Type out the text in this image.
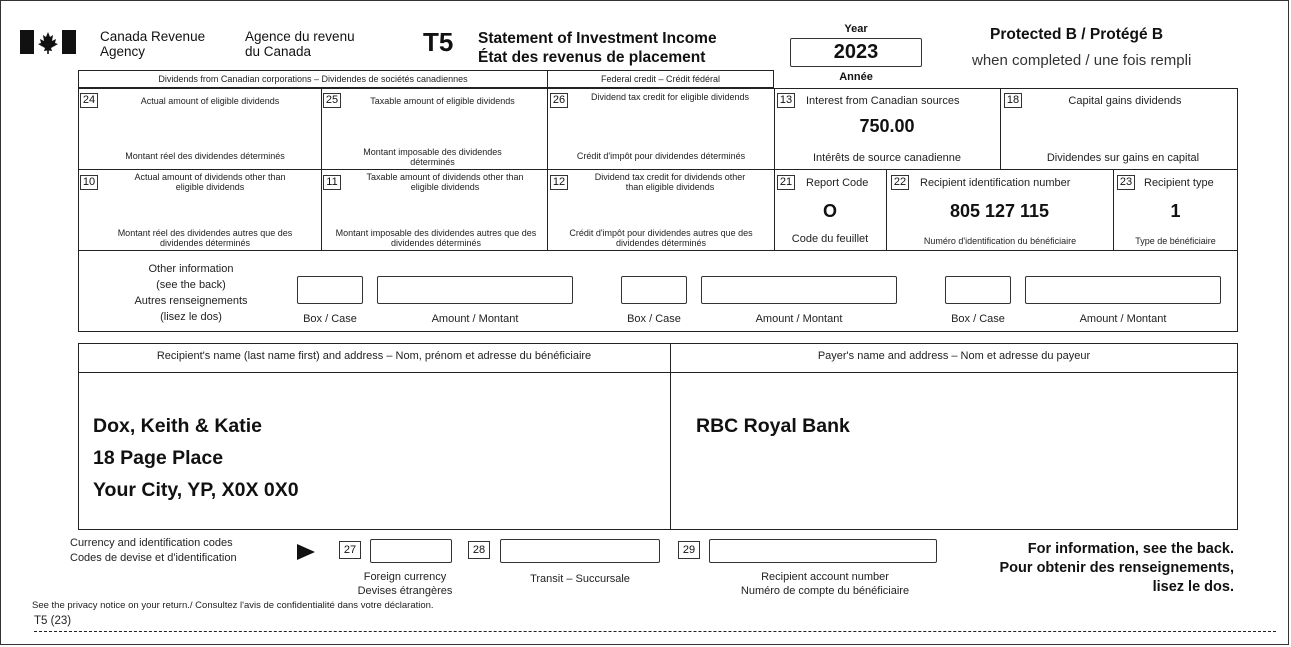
Canada Revenue
Agency
Agence du revenu
du Canada	T5 Statement of Investment Income
État des revenus de placement
Year
2023
Année
Protected B / Protégé B
when completed / une fois rempli
Dividends from Canadian corporations – Dividendes de sociétés canadiennes	Federal credit – Crédit fédéral
24	Actual amount of eligible dividends
Montant réel des dividendes déterminés
25	Taxable amount of eligible dividends
Montant imposable des dividendes déterminés
26	Dividend tax credit for eligible dividends
Crédit d'impôt pour dividendes déterminés
13 Interest from Canadian sources
750.00
Intérêts de source canadienne
18	Capital gains dividends
Dividendes sur gains en capital
10	Actual amount of dividends other than eligible dividends
Montant réel des dividendes autres que des dividendes déterminés
11	Taxable amount of dividends other than eligible dividends
Montant imposable des dividendes autres que des dividendes déterminés
12	Dividend tax credit for dividends other than eligible dividends
Crédit d'impôt pour dividendes autres que des dividendes déterminés
21 Report Code
O
Code du feuillet
22 Recipient identification number
805 127 115
Numéro d'identification du bénéficiaire
23 Recipient type
1
Type de bénéficiaire
Other information
(see the back)
Autres renseignements
(lisez le dos)	Box / Case	Amount / Montant	Box / Case	Amount / Montant	Box / Case	Amount / Montant
Recipient's name (last name first) and address – Nom, prénom et adresse du bénéficiaire	Payer's name and address – Nom et adresse du payeur
Dox, Keith & Katie
18 Page Place
Your City, YP, X0X 0X0
RBC Royal Bank
Currency and identification codes
Codes de devise et d'identification
27
Foreign currency
Devises étrangères
28
Transit – Succursale
29
Recipient account number
Numéro de compte du bénéficiaire
For information, see the back.
Pour obtenir des renseignements,
lisez le dos.
See the privacy notice on your return./ Consultez l'avis de confidentialité dans votre déclaration.
T5 (23)
